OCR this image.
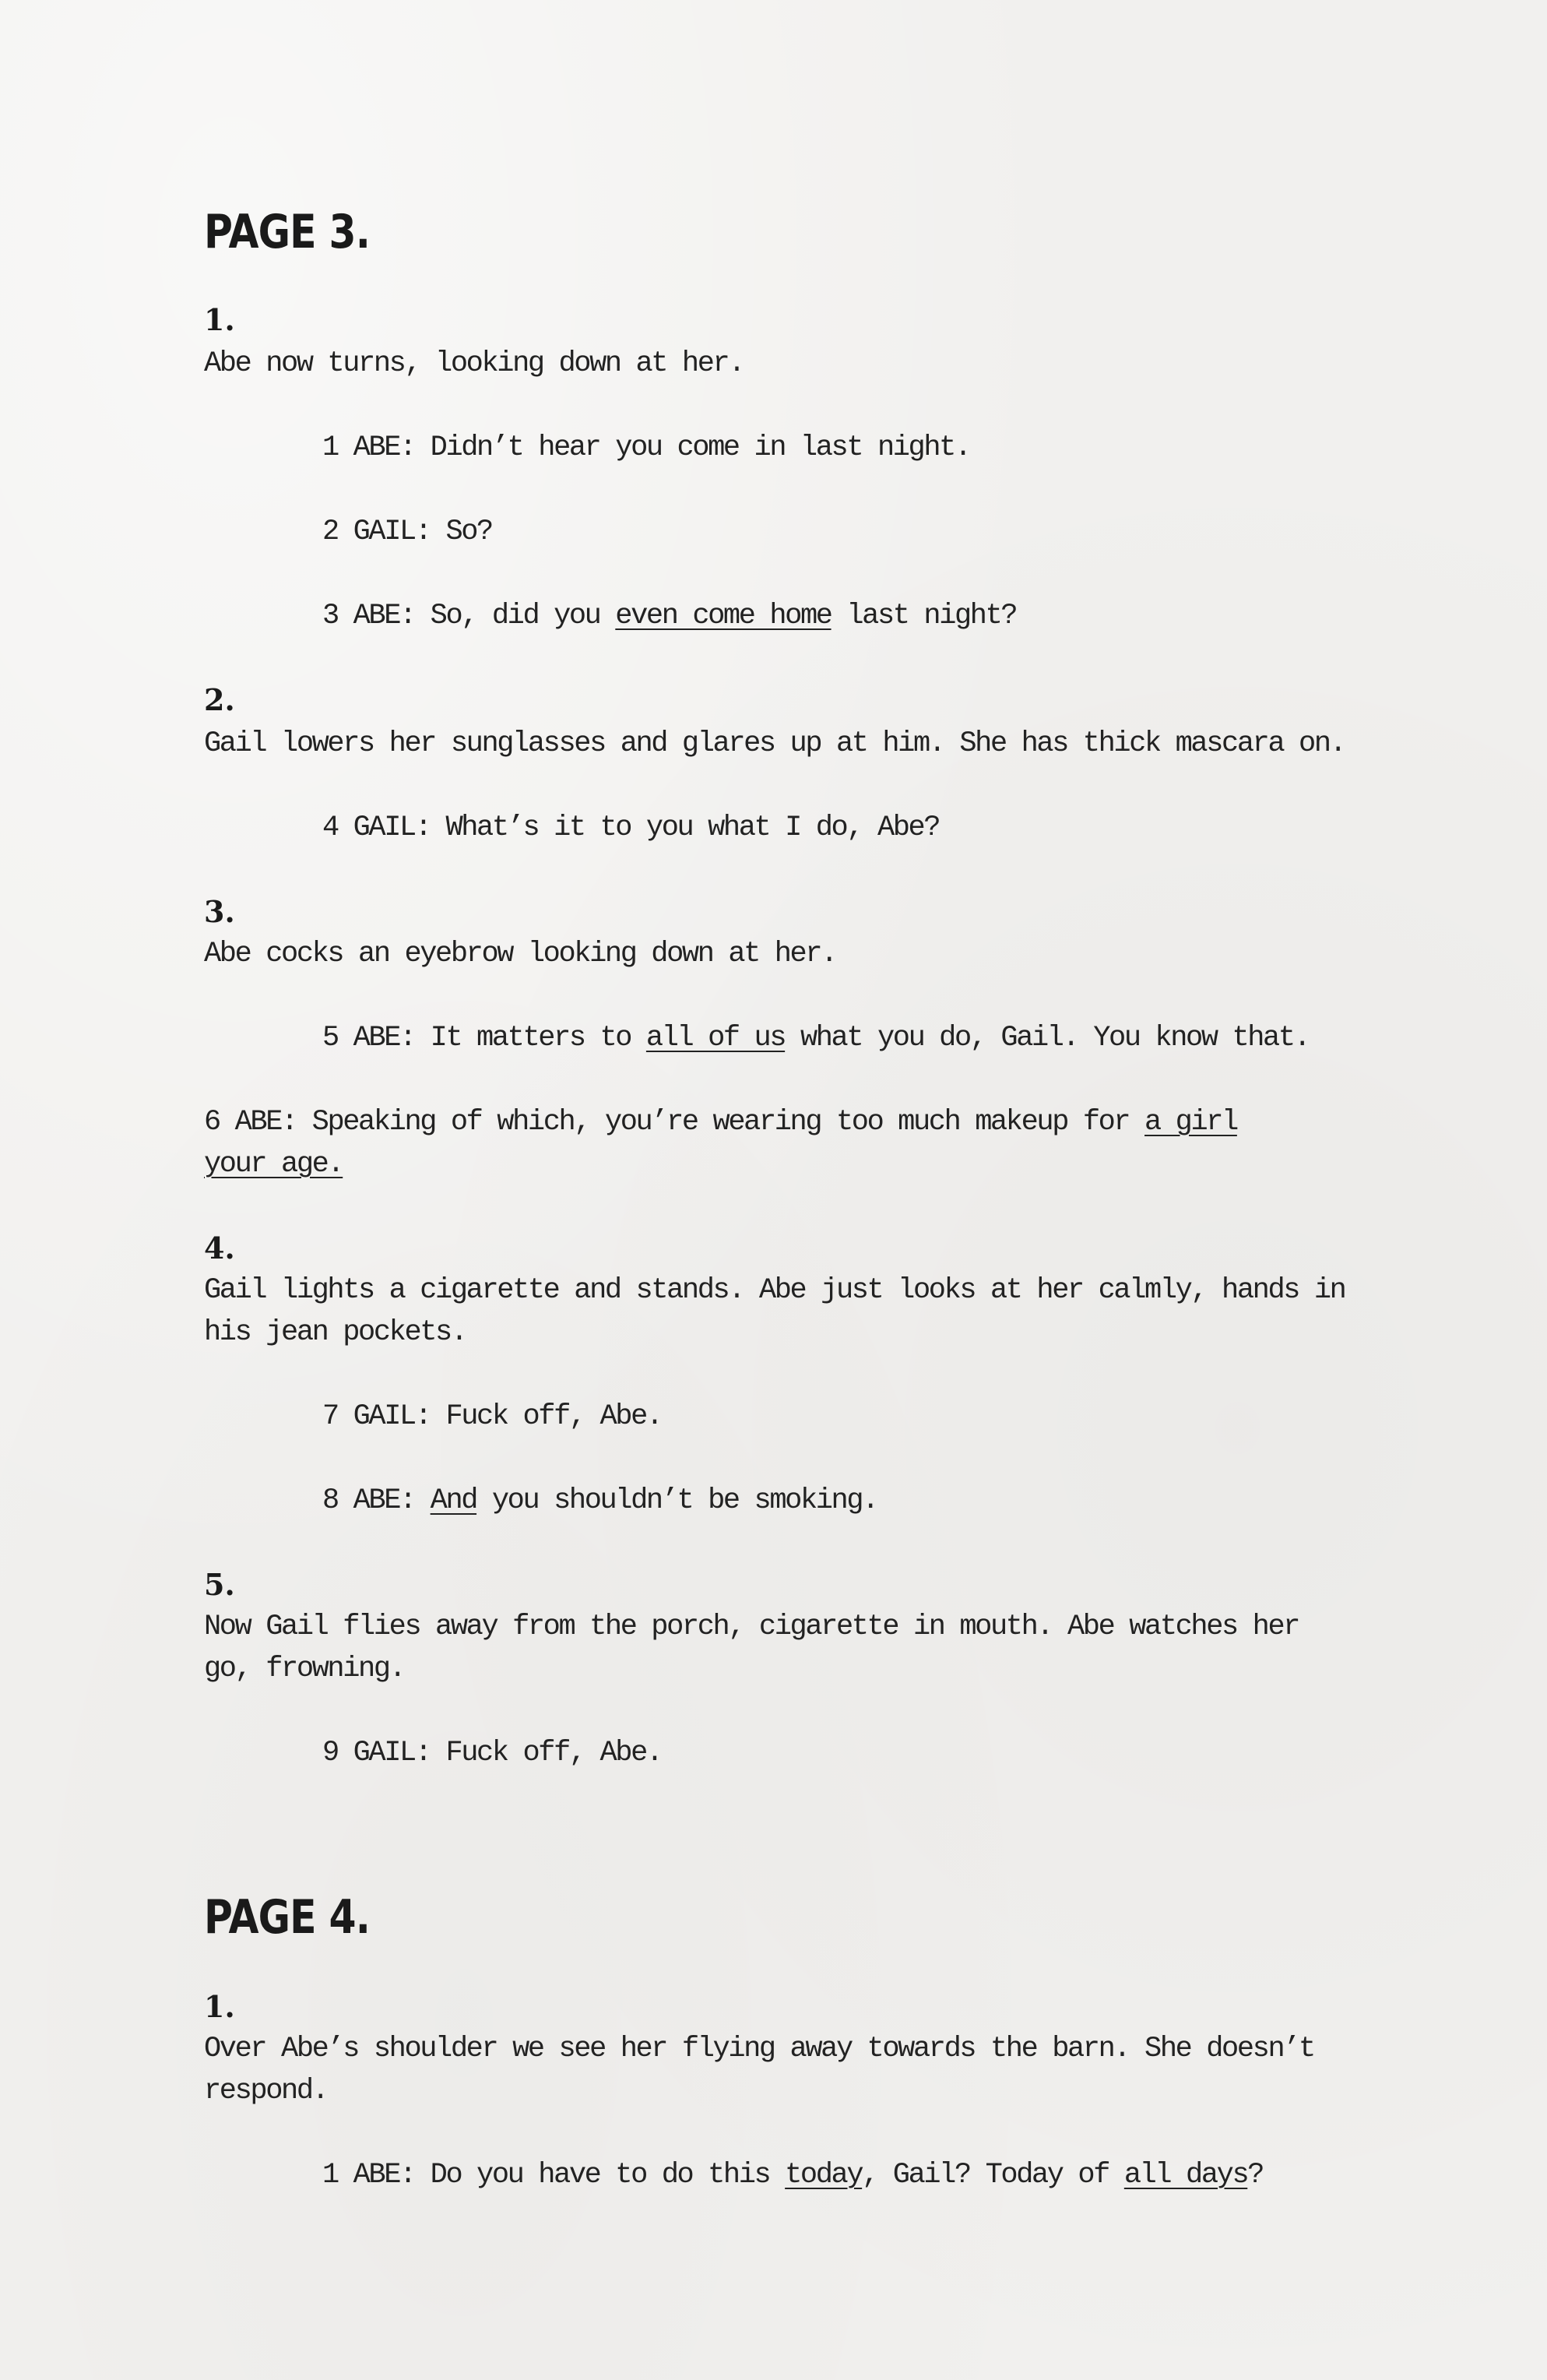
PAGE 3.
1.

Abe now turns, looking down at her.

1 ABE: Didn’t hear you come in last night.

2 GAIL: So?

3 ABE: So, did you even come home last night?

2.

Gail lowers her sunglasses and glares up at him. She has thick mascara on.

4 GAIL: What’s it to you what I do, Abe?

3.

Abe cocks an eyebrow looking down at her.

5 ABE: It matters to all of us what you do, Gail. You know that.

6 ABE: Speaking of which, you’re wearing too much makeup for a girl

your age.

4.

Gail lights a cigarette and stands. Abe just looks at her calmly, hands in his jean pockets.

7 GAIL: Fuck off, Abe.

8 ABE: And you shouldn’t be smoking.

5.

Now Gail flies away from the porch, cigarette in mouth. Abe watches her go, frowning.

9 GAIL: Fuck off, Abe.

PAGE 4.
1.

Over Abe’s shoulder we see her flying away towards the barn. She doesn’t respond.

1 ABE: Do you have to do this today, Gail? Today of all days?
